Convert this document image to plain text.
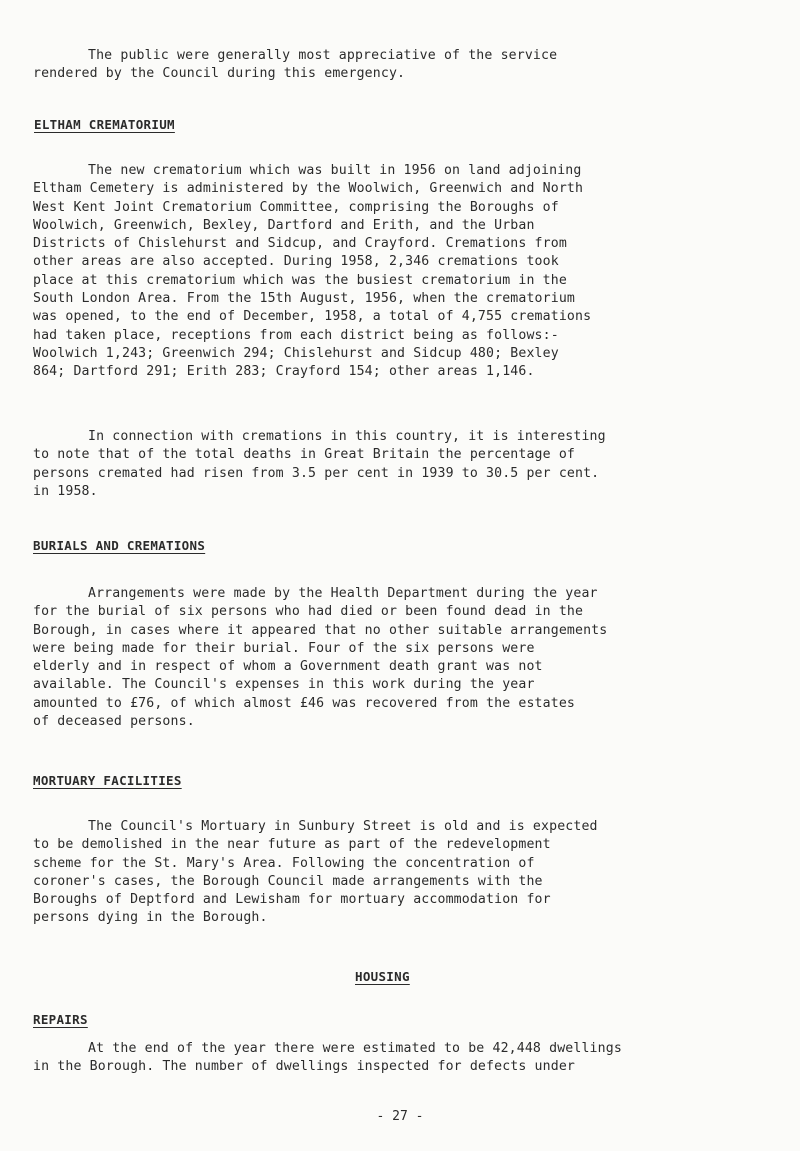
The public were generally most appreciative of the service
rendered by the Council during this emergency.

ELTHAM CREMATORIUM

The new crematorium which was built in 1956 on land adjoining
Eltham Cemetery is administered by the Woolwich, Greenwich and North
West Kent Joint Crematorium Committee, comprising the Boroughs of
Woolwich, Greenwich, Bexley, Dartford and Erith, and the Urban
Districts of Chislehurst and Sidcup, and Crayford. Cremations from
other areas are also accepted. During 1958, 2,346 cremations took
place at this crematorium which was the busiest crematorium in the
South London Area. From the 15th August, 1956, when the crematorium
was opened, to the end of December, 1958, a total of 4,755 cremations
had taken place, receptions from each district being as follows:-
Woolwich 1,243; Greenwich 294; Chislehurst and Sidcup 480; Bexley
864; Dartford 291; Erith 283; Crayford 154; other areas 1,146.

In connection with cremations in this country, it is interesting
to note that of the total deaths in Great Britain the percentage of
persons cremated had risen from 3.5 per cent in 1939 to 30.5 per cent.
in 1958.

BURIALS AND CREMATIONS

Arrangements were made by the Health Department during the year
for the burial of six persons who had died or been found dead in the
Borough, in cases where it appeared that no other suitable arrangements
were being made for their burial. Four of the six persons were
elderly and in respect of whom a Government death grant was not
available. The Council's expenses in this work during the year
amounted to £76, of which almost £46 was recovered from the estates
of deceased persons.

MORTUARY FACILITIES

The Council's Mortuary in Sunbury Street is old and is expected
to be demolished in the near future as part of the redevelopment
scheme for the St. Mary's Area. Following the concentration of
coroner's cases, the Borough Council made arrangements with the
Boroughs of Deptford and Lewisham for mortuary accommodation for
persons dying in the Borough.

HOUSING
REPAIRS

At the end of the year there were estimated to be 42,448 dwellings
in the Borough. The number of dwellings inspected for defects under

- 27 -
